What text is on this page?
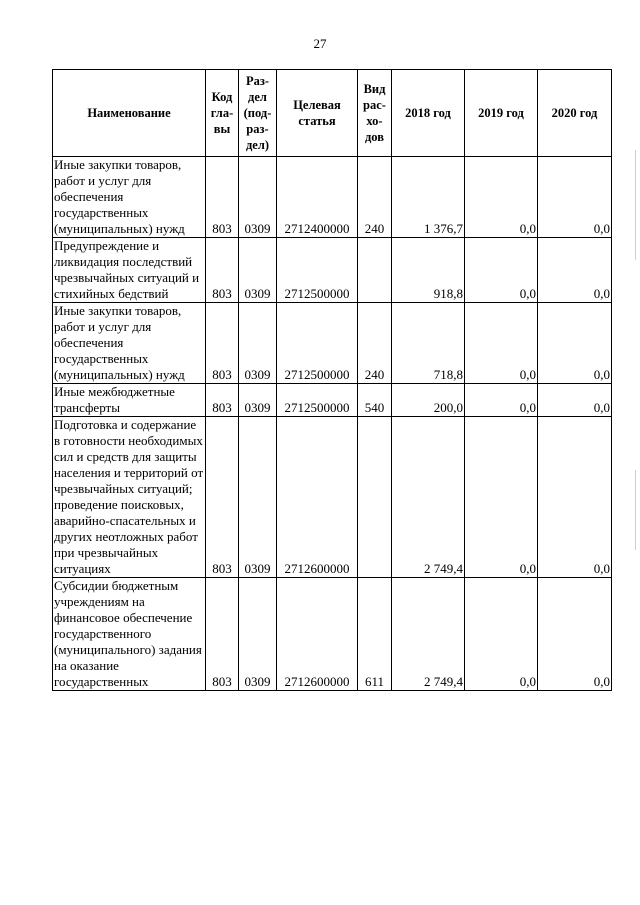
27
Наименование	Код гла- вы	Раз- дел (под- раз- дел)	Целевая статья	Вид рас- хо- дов	2018 год	2019 год	2020 год
Иные закупки товаров, работ и услуг для обеспечения государственных (муниципальных) нужд	803	0309	2712400000	240	1 376,7	0,0	0,0
Предупреждение и ликвидация последствий чрезвычайных ситуаций и стихийных бедствий	803	0309	2712500000		918,8	0,0	0,0
Иные закупки товаров, работ и услуг для обеспечения государственных (муниципальных) нужд	803	0309	2712500000	240	718,8	0,0	0,0
Иные межбюджетные трансферты	803	0309	2712500000	540	200,0	0,0	0,0
Подготовка и содержание в готовности необходимых сил и средств для защиты населения и территорий от чрезвычайных ситуаций; проведение поисковых, аварийно-спасательных и других неотложных работ при чрезвычайных ситуациях	803	0309	2712600000		2 749,4	0,0	0,0
Субсидии бюджетным учреждениям на финансовое обеспечение государственного (муниципального) задания на оказание государственных	803	0309	2712600000	611	2 749,4	0,0	0,0
